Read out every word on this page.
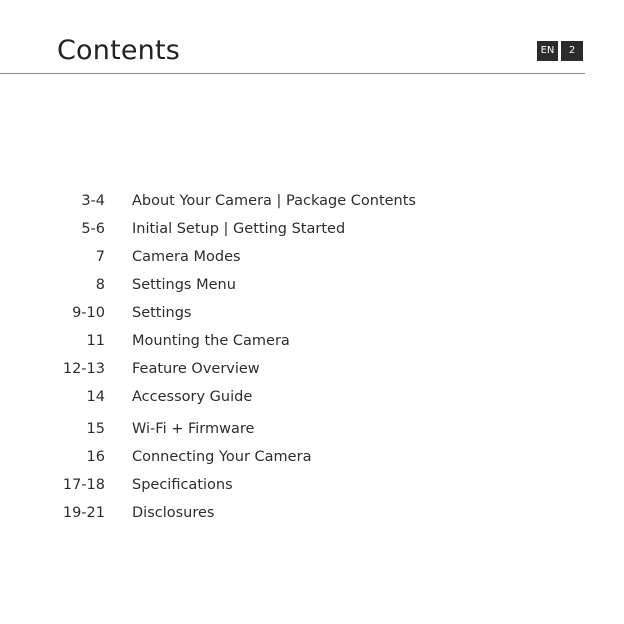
Contents	EN	2
3-4 About Your Camera | Package Contents
5-6 Initial Setup | Getting Started
7 Camera Modes
8 Settings Menu
9-10 Settings
11 Mounting the Camera
12-13 Feature Overview
14 Accessory Guide
15 Wi-Fi + Firmware
16 Connecting Your Camera
17-18 Specifications
19-21 Disclosures
